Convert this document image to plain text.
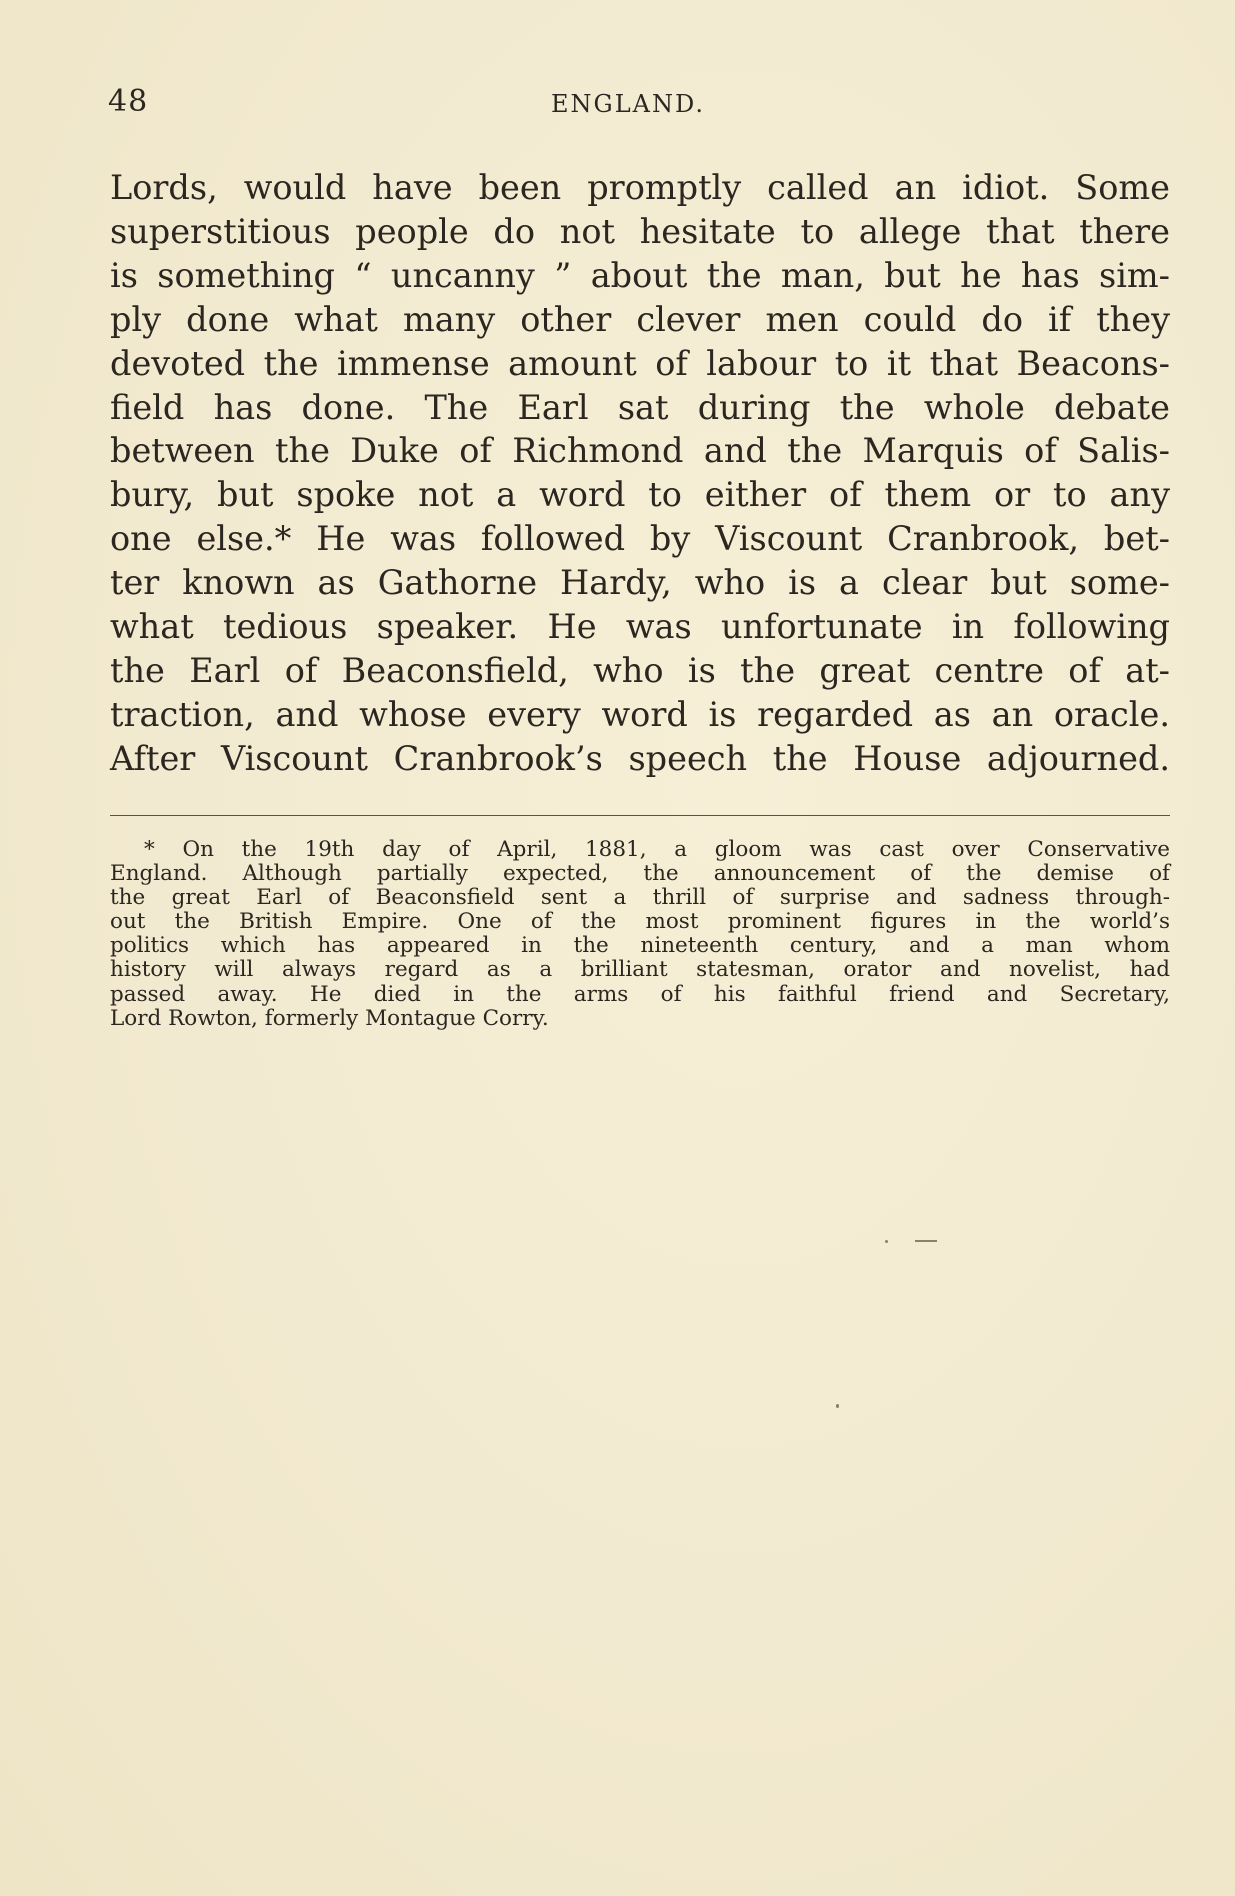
48	ENGLAND.
Lords, would have been promptly called an idiot. Some
superstitious people do not hesitate to allege that there
is something “ uncanny ” about the man, but he has sim-
ply done what many other clever men could do if they
devoted the immense amount of labour to it that Beacons-
field has done. The Earl sat during the whole debate
between the Duke of Richmond and the Marquis of Salis-
bury, but spoke not a word to either of them or to any
one else.* He was followed by Viscount Cranbrook, bet-
ter known as Gathorne Hardy, who is a clear but some-
what tedious speaker. He was unfortunate in following
the Earl of Beaconsfield, who is the great centre of at-
traction, and whose every word is regarded as an oracle.
After Viscount Cranbrook’s speech the House adjourned.
* On the 19th day of April, 1881, a gloom was cast over Conservative
England. Although partially expected, the announcement of the demise of
the great Earl of Beaconsfield sent a thrill of surprise and sadness through-
out the British Empire. One of the most prominent figures in the world’s
politics which has appeared in the nineteenth century, and a man whom
history will always regard as a brilliant statesman, orator and novelist, had
passed away. He died in the arms of his faithful friend and Secretary,
Lord Rowton, formerly Montague Corry.
